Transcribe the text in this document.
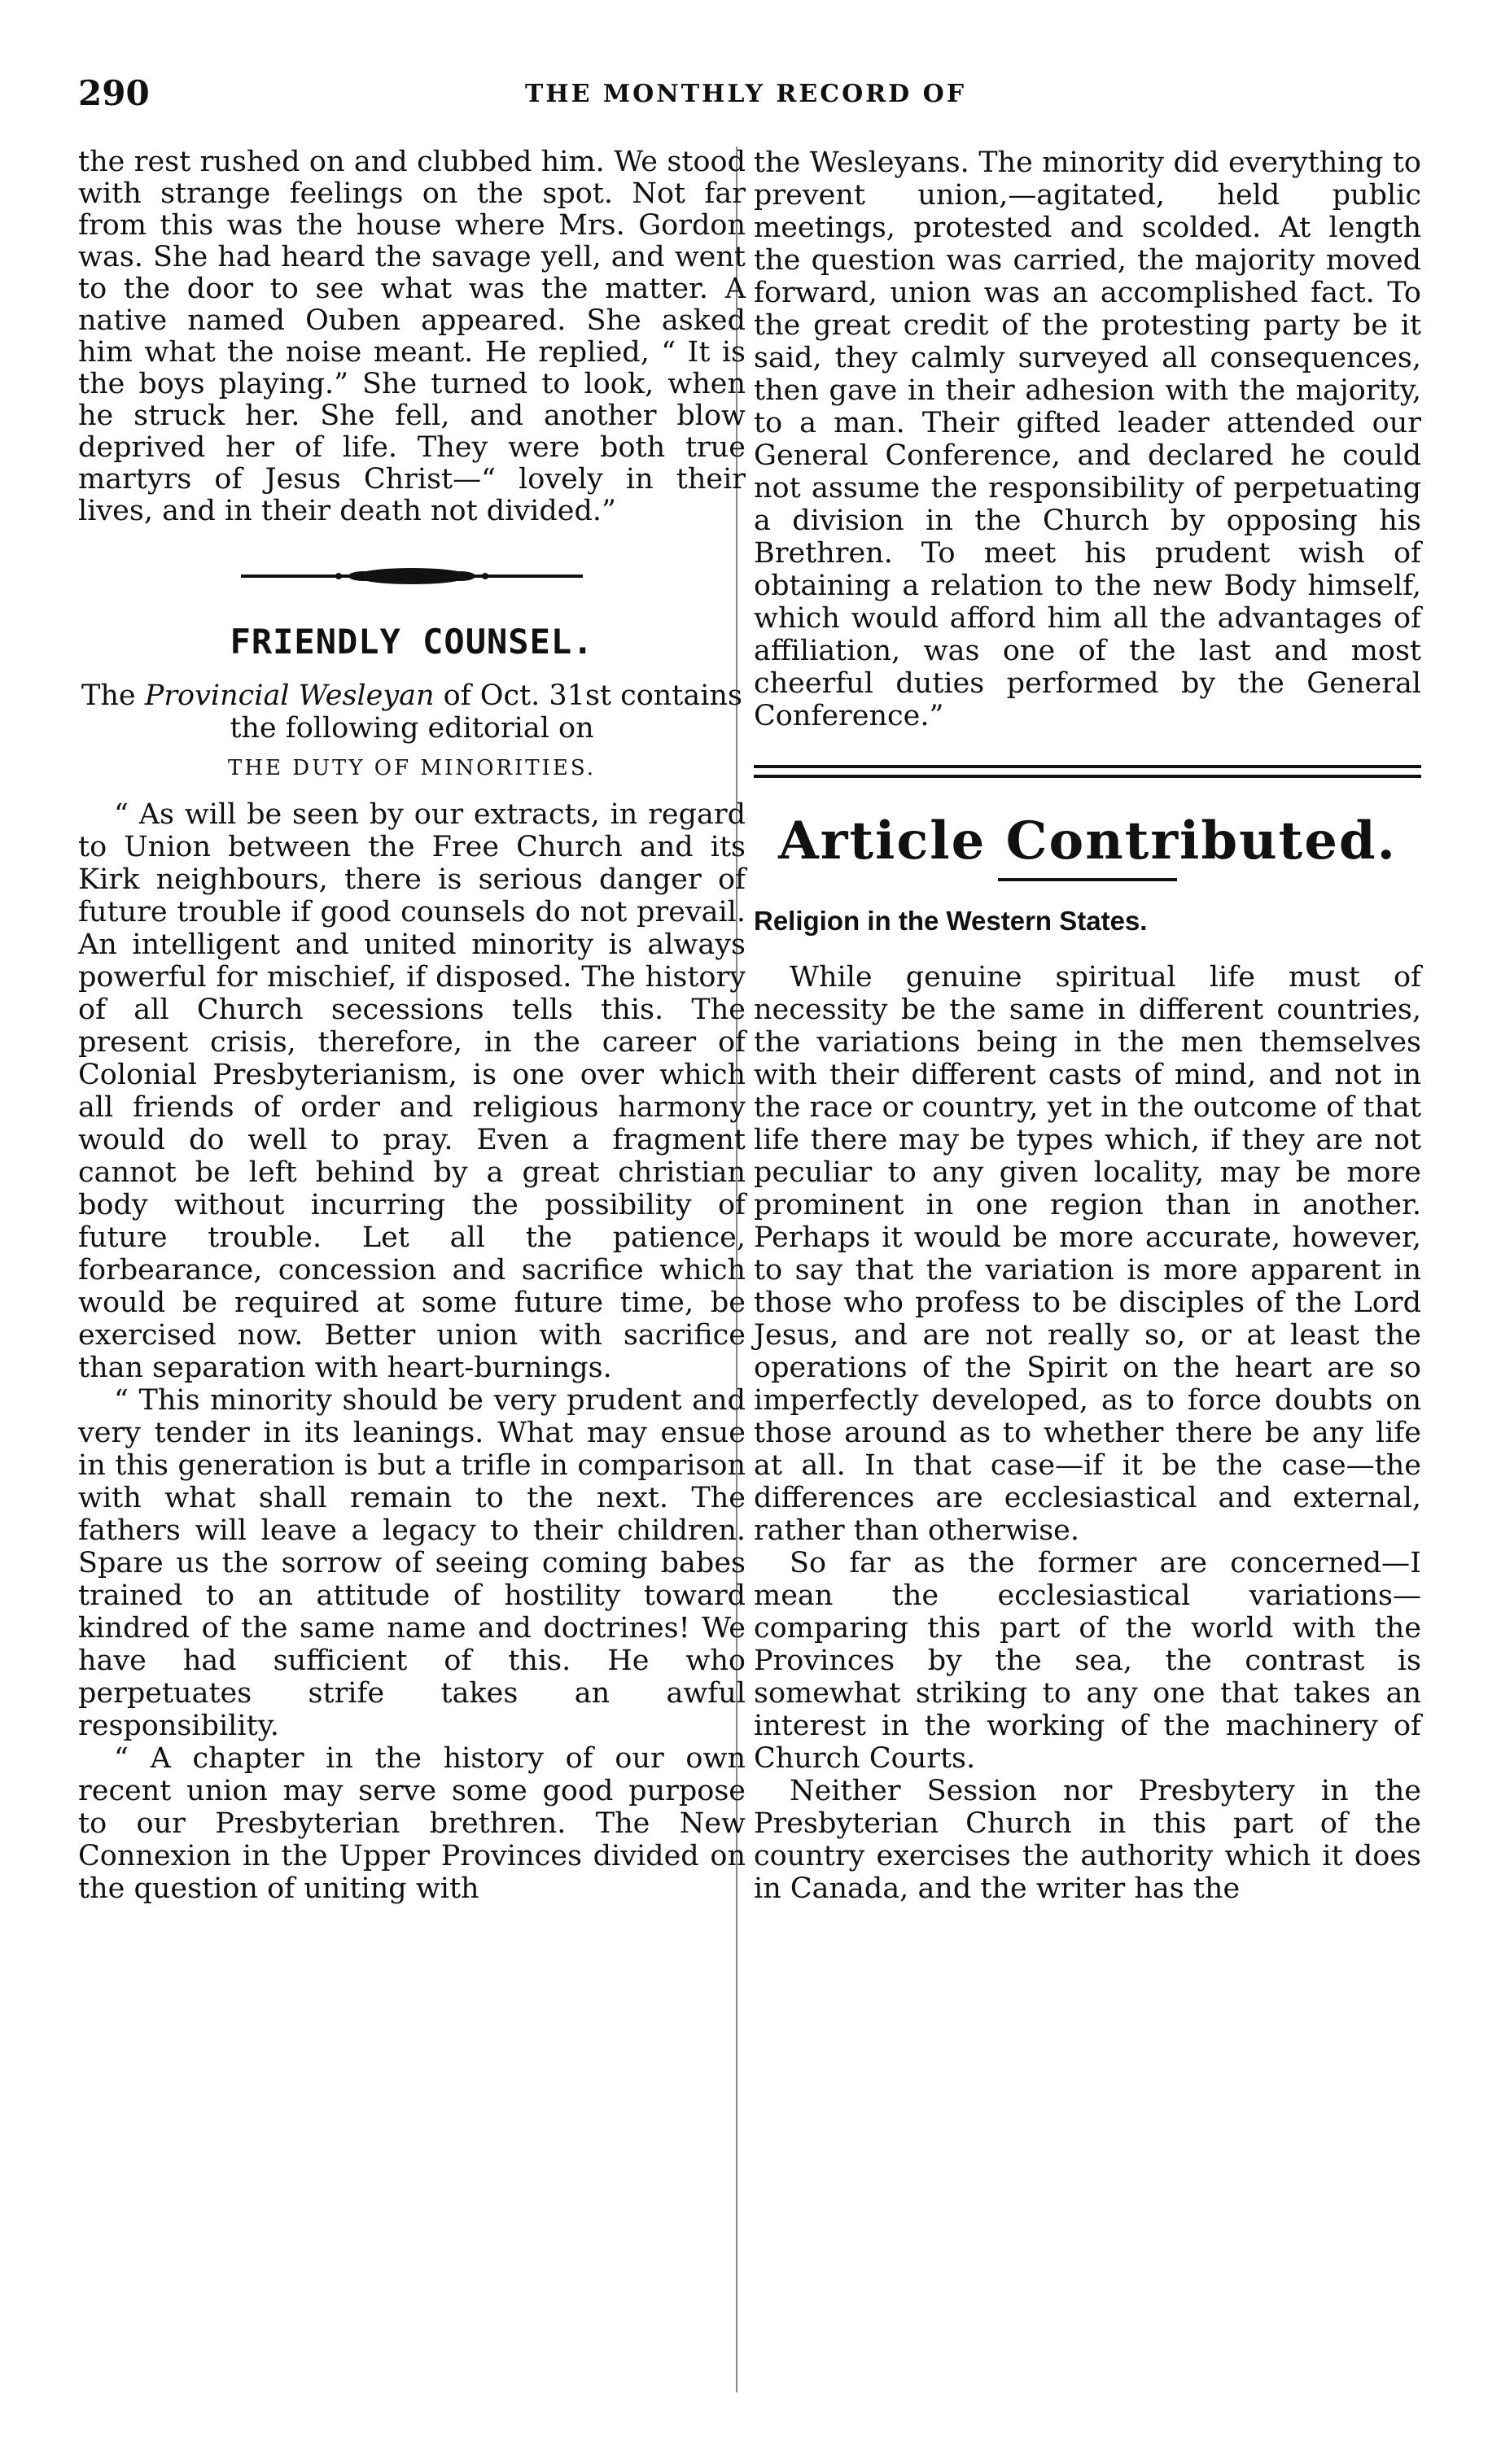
290	THE MONTHLY RECORD OF

the rest rushed on and clubbed him. We stood with strange feelings on the spot. Not far from this was the house where Mrs. Gordon was. She had heard the savage yell, and went to the door to see what was the matter. A native named Ouben appeared. She asked him what the noise meant. He replied, “ It is the boys playing.” She turned to look, when he struck her. She fell, and another blow deprived her of life. They were both true martyrs of Jesus Christ—“ lovely in their lives, and in their death not divided.”

FRIENDLY COUNSEL.

The Provincial Wesleyan of Oct. 31st contains the following editorial on

THE DUTY OF MINORITIES.

“ As will be seen by our extracts, in regard to Union between the Free Church and its Kirk neighbours, there is serious danger of future trouble if good counsels do not prevail. An intelligent and united minority is always powerful for mischief, if disposed. The history of all Church secessions tells this. The present crisis, therefore, in the career of Colonial Presbyterianism, is one over which all friends of order and religious harmony would do well to pray. Even a fragment cannot be left behind by a great christian body without incurring the possibility of future trouble. Let all the patience, forbearance, concession and sacrifice which would be required at some future time, be exercised now. Better union with sacrifice than separation with heart-burnings.

“ This minority should be very prudent and very tender in its leanings. What may ensue in this generation is but a trifle in comparison with what shall remain to the next. The fathers will leave a legacy to their children. Spare us the sorrow of seeing coming babes trained to an attitude of hostility toward kindred of the same name and doctrines! We have had sufficient of this. He who perpetuates strife takes an awful responsibility.

“ A chapter in the history of our own recent union may serve some good purpose to our Presbyterian brethren. The New Connexion in the Upper Provinces divided on the question of uniting with

the Wesleyans. The minority did everything to prevent union,—agitated, held public meetings, protested and scolded. At length the question was carried, the majority moved forward, union was an accomplished fact. To the great credit of the protesting party be it said, they calmly surveyed all consequences, then gave in their adhesion with the majority, to a man. Their gifted leader attended our General Conference, and declared he could not assume the responsibility of perpetuating a division in the Church by opposing his Brethren. To meet his prudent wish of obtaining a relation to the new Body himself, which would afford him all the advantages of affiliation, was one of the last and most cheerful duties performed by the General Conference.”

Article Contributed.
Religion in the Western States.

While genuine spiritual life must of necessity be the same in different countries, the variations being in the men themselves with their different casts of mind, and not in the race or country, yet in the outcome of that life there may be types which, if they are not peculiar to any given locality, may be more prominent in one region than in another. Perhaps it would be more accurate, however, to say that the variation is more apparent in those who profess to be disciples of the Lord Jesus, and are not really so, or at least the operations of the Spirit on the heart are so imperfectly developed, as to force doubts on those around as to whether there be any life at all. In that case—if it be the case—the differences are ecclesiastical and external, rather than otherwise.

So far as the former are concerned—I mean the ecclesiastical variations—comparing this part of the world with the Provinces by the sea, the contrast is somewhat striking to any one that takes an interest in the working of the machinery of Church Courts.

Neither Session nor Presbytery in the Presbyterian Church in this part of the country exercises the authority which it does in Canada, and the writer has the
